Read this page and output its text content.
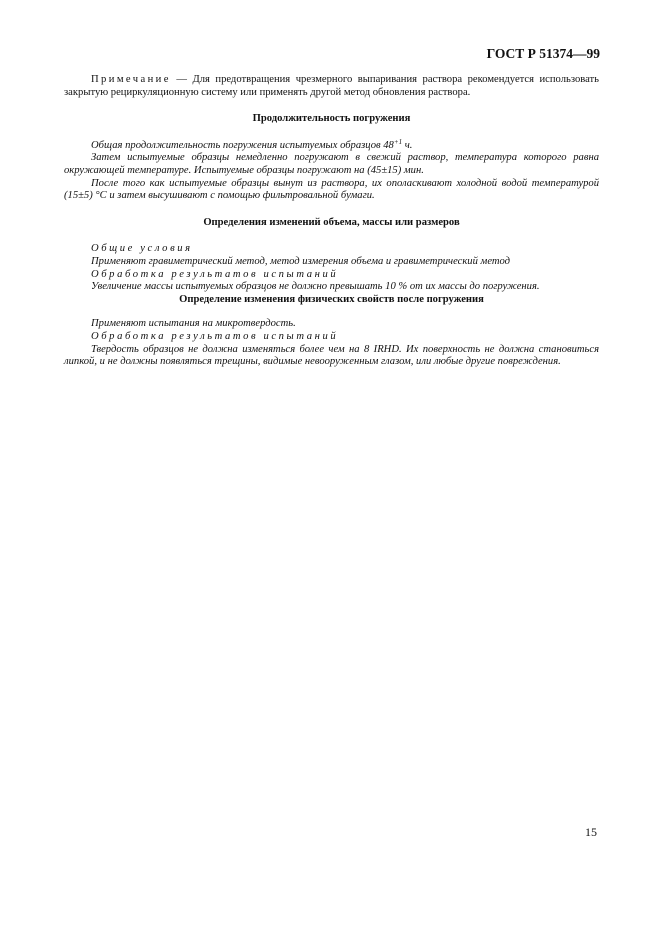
ГОСТ Р 51374—99

Примечание — Для предотвращения чрезмерного выпаривания раствора рекомендуется использовать закрытую рециркуляционную систему или применять другой метод обновления раствора.

Продолжительность погружения

Общая продолжительность погружения испытуемых образцов $48^{+1}$ ч.

Затем испытуемые образцы немедленно погружают в свежий раствор, температура которого равна окружающей температуре. Испытуемые образцы погружают на (45±15) мин.

После того как испытуемые образцы вынут из раствора, их ополаскивают холодной водой температурой (15±5) °С и затем высушивают с помощью фильтровальной бумаги.

Определения изменений объема, массы или размеров

Общие условия

Применяют гравиметрический метод, метод измерения объема и гравиметрический метод

Обработка результатов испытаний

Увеличение массы испытуемых образцов не должно превышать 10 % от их массы до погружения.

Определение изменения физических свойств после погружения

Применяют испытания на микротвердость.

Обработка результатов испытаний

Твердость образцов не должна изменяться более чем на 8 IRHD. Их поверхность не должна становиться липкой, и не должны появляться трещины, видимые невооруженным глазом, или любые другие повреждения.

15
